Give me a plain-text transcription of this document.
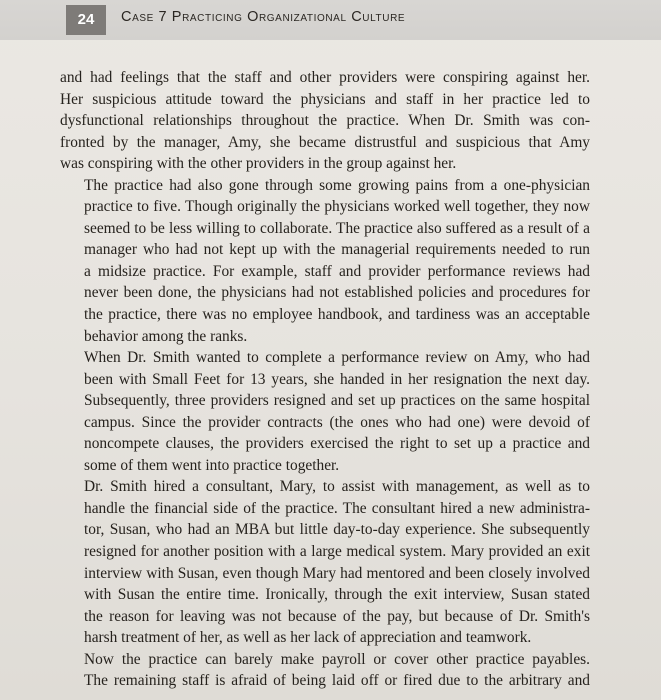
24	Case 7 Practicing Organizational Culture

and had feelings that the staff and other providers were conspiring against her.
Her suspicious attitude toward the physicians and staff in her practice led to
dysfunctional relationships throughout the practice. When Dr. Smith was con-
fronted by the manager, Amy, she became distrustful and suspicious that Amy
was conspiring with the other providers in the group against her.

The practice had also gone through some growing pains from a one-physician
practice to five. Though originally the physicians worked well together, they now
seemed to be less willing to collaborate. The practice also suffered as a result of a
manager who had not kept up with the managerial requirements needed to run
a midsize practice. For example, staff and provider performance reviews had
never been done, the physicians had not established policies and procedures for
the practice, there was no employee handbook, and tardiness was an acceptable
behavior among the ranks.

When Dr. Smith wanted to complete a performance review on Amy, who had
been with Small Feet for 13 years, she handed in her resignation the next day.
Subsequently, three providers resigned and set up practices on the same hospital
campus. Since the provider contracts (the ones who had one) were devoid of
noncompete clauses, the providers exercised the right to set up a practice and
some of them went into practice together.

Dr. Smith hired a consultant, Mary, to assist with management, as well as to
handle the financial side of the practice. The consultant hired a new administra-
tor, Susan, who had an MBA but little day-to-day experience. She subsequently
resigned for another position with a large medical system. Mary provided an exit
interview with Susan, even though Mary had mentored and been closely involved
with Susan the entire time. Ironically, through the exit interview, Susan stated
the reason for leaving was not because of the pay, but because of Dr. Smith's
harsh treatment of her, as well as her lack of appreciation and teamwork.

Now the practice can barely make payroll or cover other practice payables.
The remaining staff is afraid of being laid off or fired due to the arbitrary and
